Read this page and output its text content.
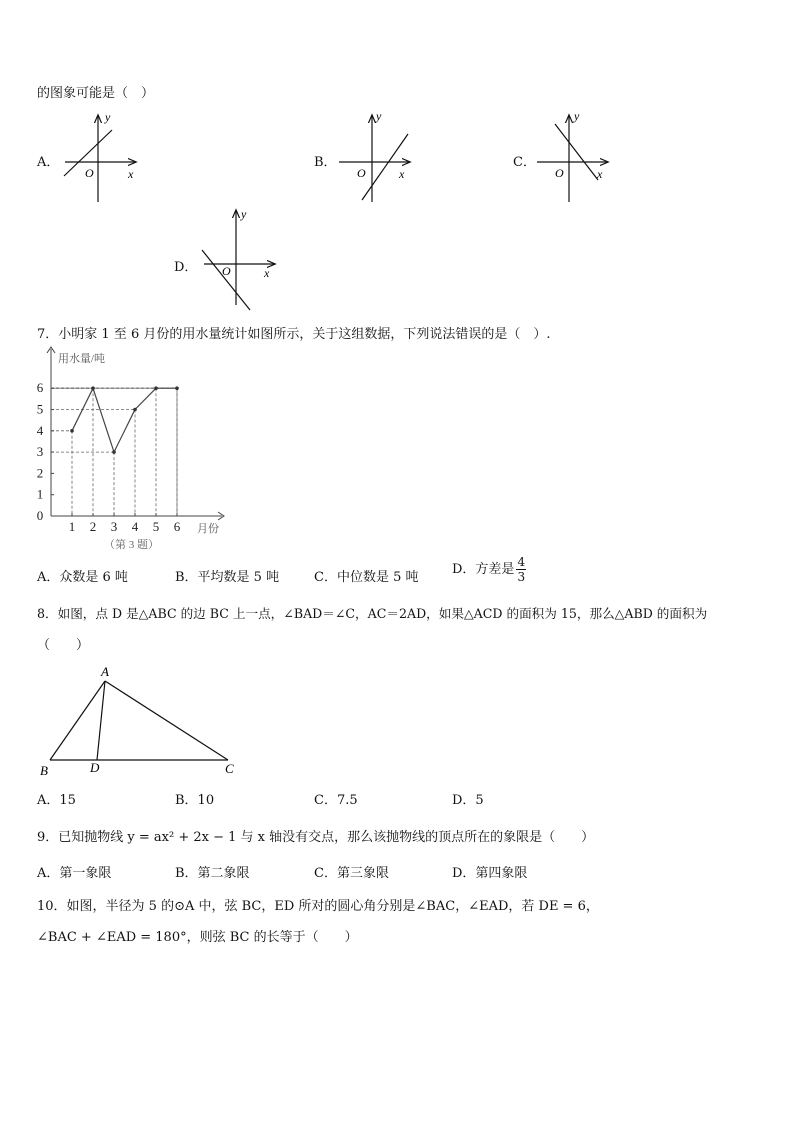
的图象可能是（　）
A．
y
x
O
B．
y
x
O
C．
y
x
O
D．
y
x
O
7．小明家 1 至 6 月份的用水量统计如图所示，关于这组数据，下列说法错误的是（　）.
0
1
2
3
4
5
6
1 2 3 4 5 6
用水量/吨
月份
（第 3 题）
A．众数是 6 吨	B．平均数是 5 吨	C．中位数是 5 吨
D．方差是 $\frac{4}{3}$
8．如图，点 D 是△ABC 的边 BC 上一点，∠BAD＝∠C，AC＝2AD，如果△ACD 的面积为 15，那么△ABD 的面积为
（　　）
A
B	D	C
A．15	B．10	C．7.5	D．5
9．已知抛物线 y = ax² + 2x − 1 与 x 轴没有交点，那么该抛物线的顶点所在的象限是（　　）
A．第一象限	B．第二象限	C．第三象限	D．第四象限
10．如图，半径为 5 的⊙A 中，弦 BC，ED 所对的圆心角分别是∠BAC，∠EAD，若 DE = 6，
∠BAC + ∠EAD = 180°，则弦 BC 的长等于（　　）
